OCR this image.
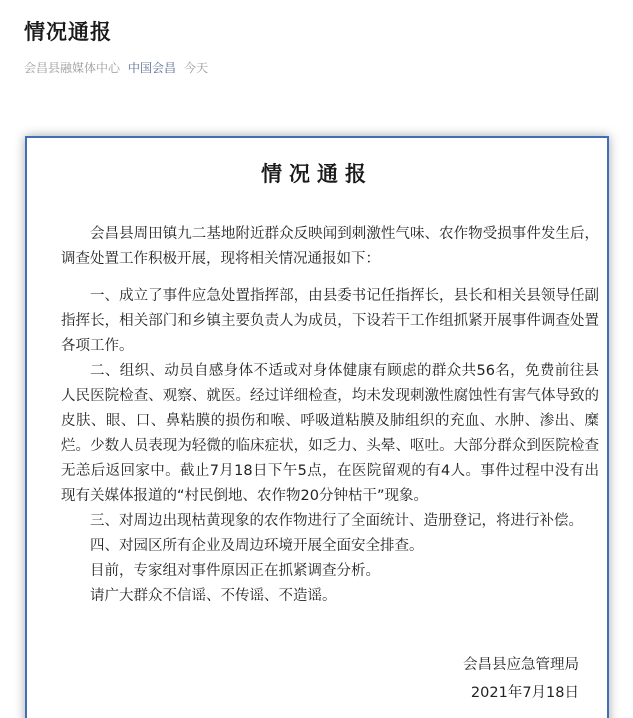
情况通报
会昌县融媒体中心 中国会昌 今天
情况通报

会昌县周田镇九二基地附近群众反映闻到刺激性气味、农作物受损事件发生后，调查处置工作积极开展，现将相关情况通报如下：

一、成立了事件应急处置指挥部，由县委书记任指挥长，县长和相关县领导任副指挥长，相关部门和乡镇主要负责人为成员，下设若干工作组抓紧开展事件调查处置各项工作。

二、组织、动员自感身体不适或对身体健康有顾虑的群众共56名，免费前往县人民医院检查、观察、就医。经过详细检查，均未发现刺激性腐蚀性有害气体导致的皮肤、眼、口、鼻粘膜的损伤和喉、呼吸道粘膜及肺组织的充血、水肿、渗出、糜烂。少数人员表现为轻微的临床症状，如乏力、头晕、呕吐。大部分群众到医院检查无恙后返回家中。截止7月18日下午5点，在医院留观的有4人。事件过程中没有出现有关媒体报道的“村民倒地、农作物20分钟枯干”现象。

三、对周边出现枯黄现象的农作物进行了全面统计、造册登记，将进行补偿。

四、对园区所有企业及周边环境开展全面安全排查。

目前，专家组对事件原因正在抓紧调查分析。

请广大群众不信谣、不传谣、不造谣。

会昌县应急管理局
2021年7月18日
